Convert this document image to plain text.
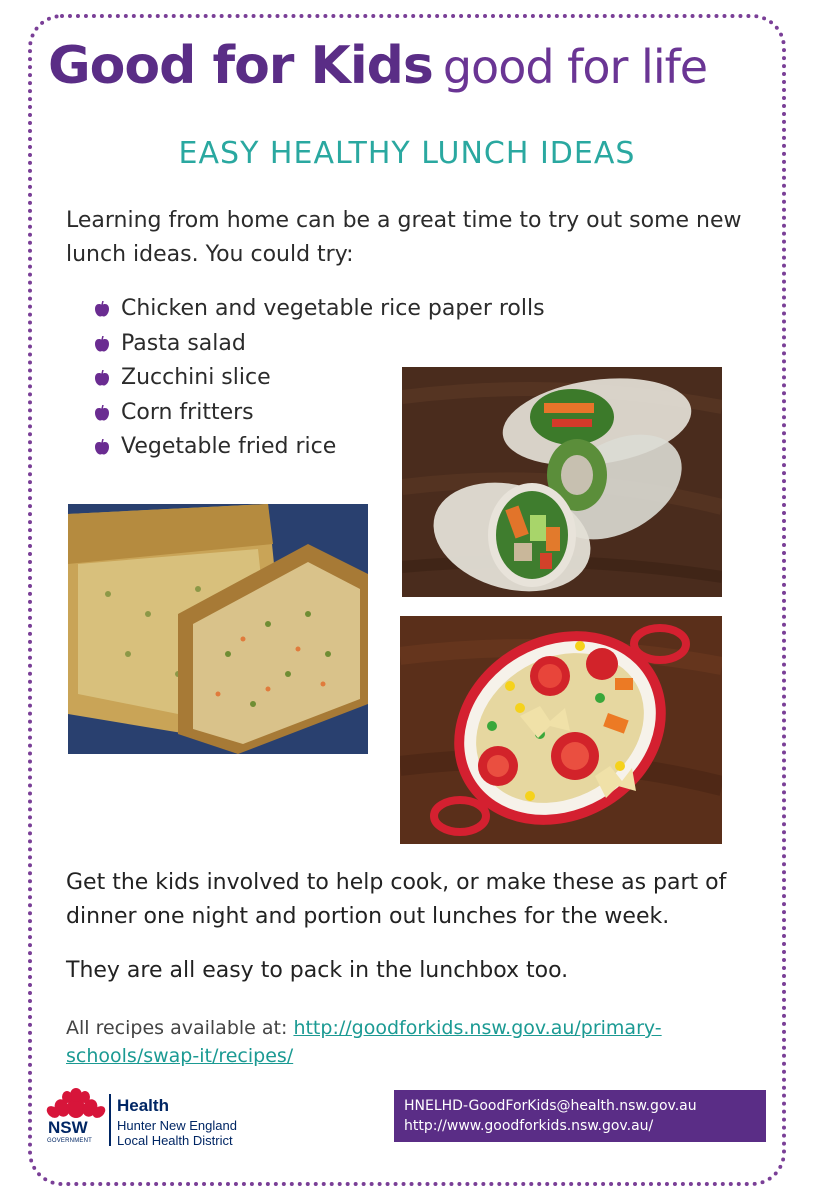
Good for Kids good for life
EASY HEALTHY LUNCH IDEAS
Learning from home can be a great time to try out some new lunch ideas. You could try:
Chicken and vegetable rice paper rolls
Pasta salad
Zucchini slice
Corn fritters
Vegetable fried rice
Get the kids involved to help cook, or make these as part of dinner one night and portion out lunches for the week.
They are all easy to pack in the lunchbox too.
All recipes available at: http://goodforkids.nsw.gov.au/primary-schools/swap-it/recipes/
NSW
GOVERNMENT
Health
Hunter New England
Local Health District
HNELHD-GoodForKids@health.nsw.gov.au
http://www.goodforkids.nsw.gov.au/
